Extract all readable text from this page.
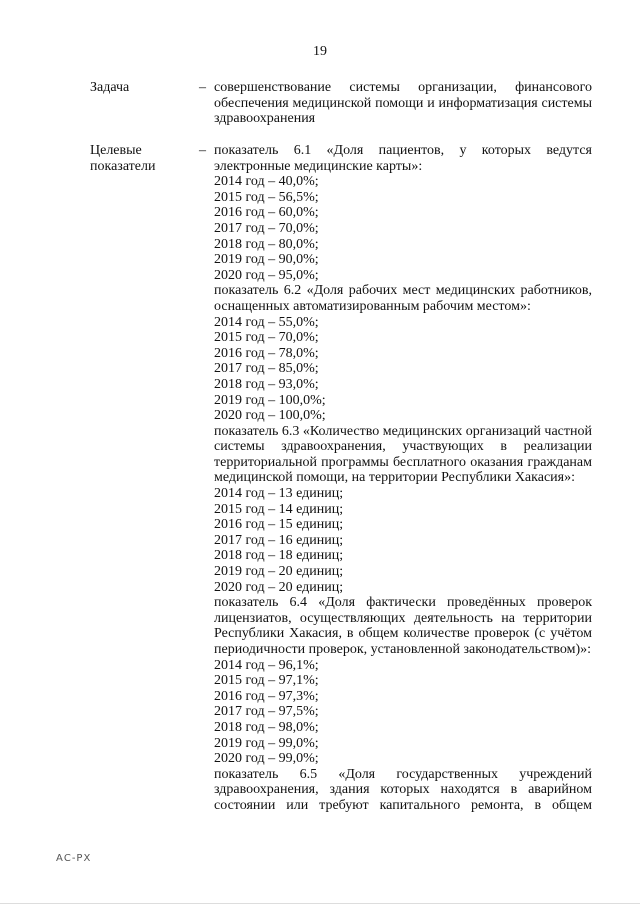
19
Задача	– совершенствование системы организации, финансового
обеспечения медицинской помощи и информатизация системы
здравоохранения
Целевые
показатели
– показатель 6.1 «Доля пациентов, у которых ведутся
электронные медицинские карты»:
2014 год – 40,0%;
2015 год – 56,5%;
2016 год – 60,0%;
2017 год – 70,0%;
2018 год – 80,0%;
2019 год – 90,0%;
2020 год – 95,0%;
показатель 6.2 «Доля рабочих мест медицинских работников,
оснащенных автоматизированным рабочим местом»:
2014 год – 55,0%;
2015 год – 70,0%;
2016 год – 78,0%;
2017 год – 85,0%;
2018 год – 93,0%;
2019 год – 100,0%;
2020 год – 100,0%;
показатель 6.3 «Количество медицинских организаций частной
системы здравоохранения, участвующих в реализации
территориальной программы бесплатного оказания гражданам
медицинской помощи, на территории Республики Хакасия»:
2014 год – 13 единиц;
2015 год – 14 единиц;
2016 год – 15 единиц;
2017 год – 16 единиц;
2018 год – 18 единиц;
2019 год – 20 единиц;
2020 год – 20 единиц;
показатель 6.4 «Доля фактически проведённых проверок
лицензиатов, осуществляющих деятельность на территории
Республики Хакасия, в общем количестве проверок (с учётом
периодичности проверок, установленной законодательством)»:
2014 год – 96,1%;
2015 год – 97,1%;
2016 год – 97,3%;
2017 год – 97,5%;
2018 год – 98,0%;
2019 год – 99,0%;
2020 год – 99,0%;
показатель 6.5 «Доля государственных учреждений
здравоохранения, здания которых находятся в аварийном
состоянии или требуют капитального ремонта, в общем
АС-РХ
